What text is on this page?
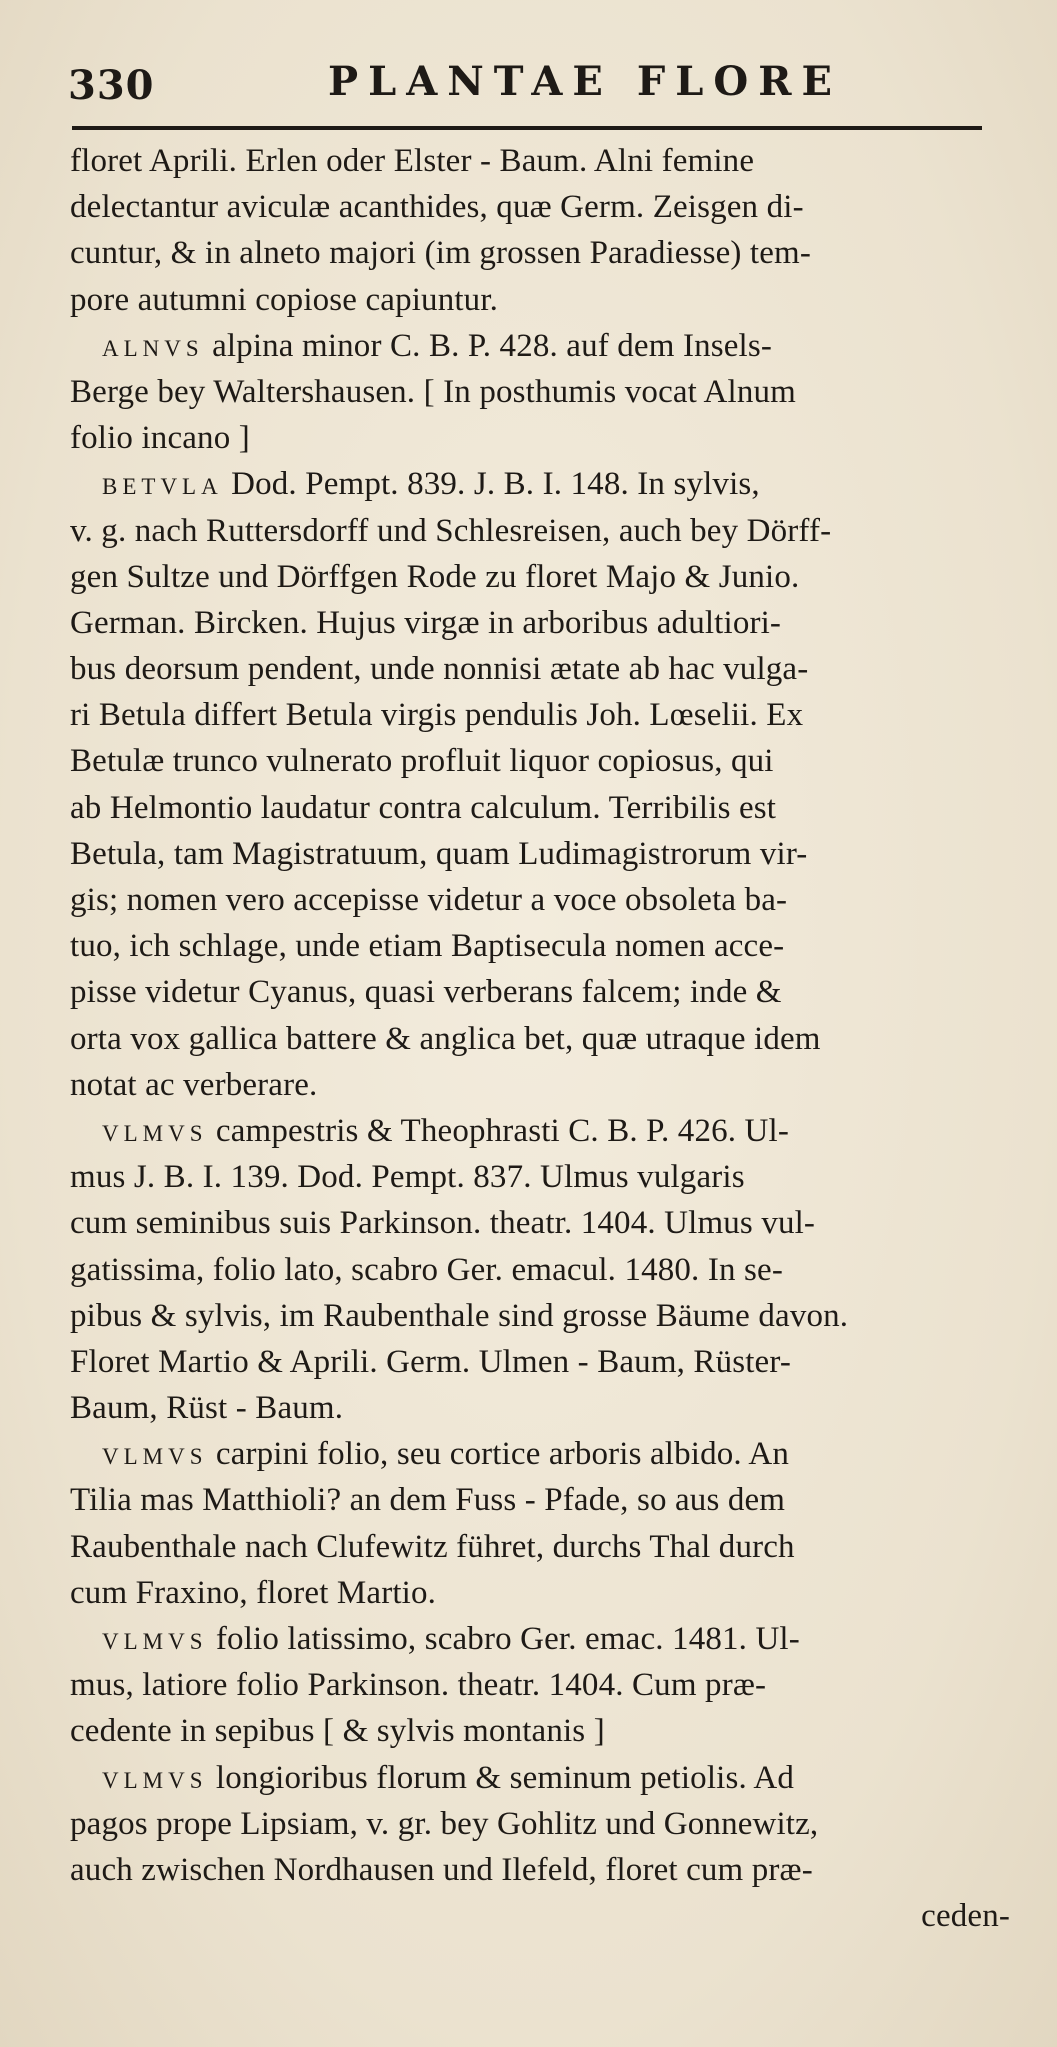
330	PLANTAE FLORE
floret Aprili. Erlen oder Elster - Baum. Alni femine
delectantur aviculæ acanthides, quæ Germ. Zeisgen di-
cuntur, & in alneto majori (im grossen Paradiesse) tem-
pore autumni copiose capiuntur.
ALNVS alpina minor C. B. P. 428. auf dem Insels-
Berge bey Waltershausen. [ In posthumis vocat Alnum
folio incano ]
BETVLA Dod. Pempt. 839. J. B. I. 148. In sylvis,
v. g. nach Ruttersdorff und Schlesreisen, auch bey Dörff-
gen Sultze und Dörffgen Rode zu floret Majo & Junio.
German. Bircken. Hujus virgæ in arboribus adultiori-
bus deorsum pendent, unde nonnisi ætate ab hac vulga-
ri Betula differt Betula virgis pendulis Joh. Lœselii. Ex
Betulæ trunco vulnerato profluit liquor copiosus, qui
ab Helmontio laudatur contra calculum. Terribilis est
Betula, tam Magistratuum, quam Ludimagistrorum vir-
gis; nomen vero accepisse videtur a voce obsoleta ba-
tuo, ich schlage, unde etiam Baptisecula nomen acce-
pisse videtur Cyanus, quasi verberans falcem; inde &
orta vox gallica battere & anglica bet, quæ utraque idem
notat ac verberare.
VLMVS campestris & Theophrasti C. B. P. 426. Ul-
mus J. B. I. 139. Dod. Pempt. 837. Ulmus vulgaris
cum seminibus suis Parkinson. theatr. 1404. Ulmus vul-
gatissima, folio lato, scabro Ger. emacul. 1480. In se-
pibus & sylvis, im Raubenthale sind grosse Bäume davon.
Floret Martio & Aprili. Germ. Ulmen - Baum, Rüster-
Baum, Rüst - Baum.
VLMVS carpini folio, seu cortice arboris albido. An
Tilia mas Matthioli? an dem Fuss - Pfade, so aus dem
Raubenthale nach Clufewitz führet, durchs Thal durch
cum Fraxino, floret Martio.
VLMVS folio latissimo, scabro Ger. emac. 1481. Ul-
mus, latiore folio Parkinson. theatr. 1404. Cum præ-
cedente in sepibus [ & sylvis montanis ]
VLMVS longioribus florum & seminum petiolis. Ad
pagos prope Lipsiam, v. gr. bey Gohlitz und Gonnewitz,
auch zwischen Nordhausen und Ilefeld, floret cum præ-
ceden-
